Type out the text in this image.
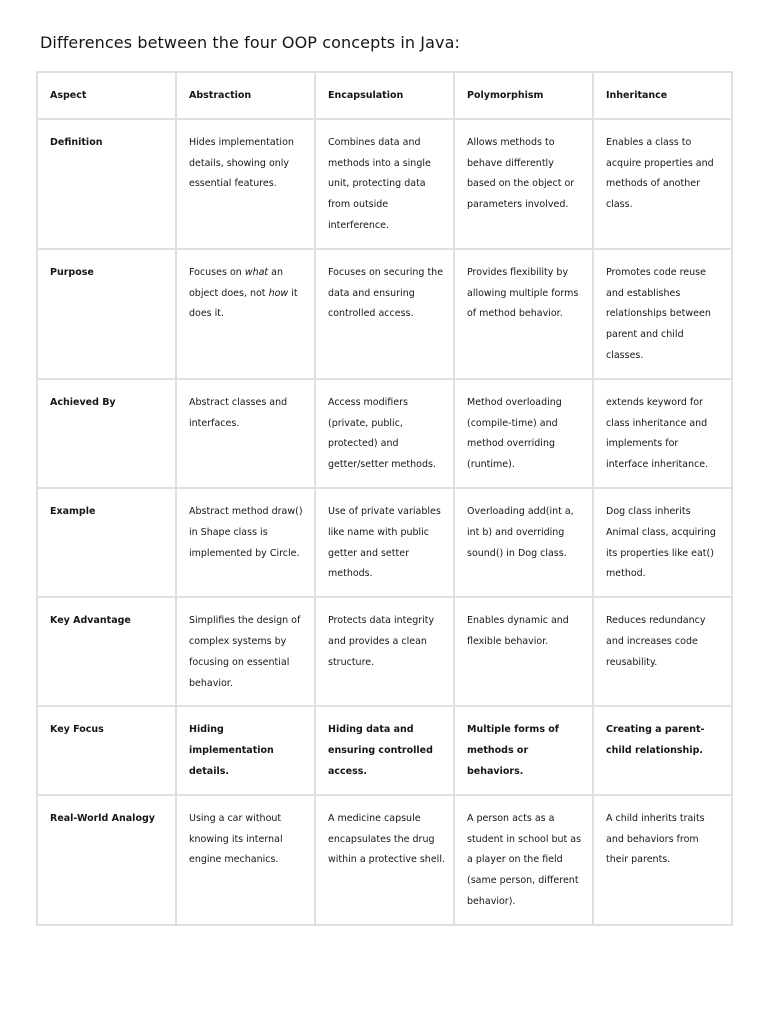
Differences between the four OOP concepts in Java:
Aspect	Abstraction	Encapsulation	Polymorphism	Inheritance
Definition	Hides implementation details, showing only essential features.	Combines data and methods into a single unit, protecting data from outside interference.	Allows methods to behave differently based on the object or parameters involved.	Enables a class to acquire properties and methods of another class.
Purpose	Focuses on what an object does, not how it does it.	Focuses on securing the data and ensuring controlled access.	Provides flexibility by allowing multiple forms of method behavior.	Promotes code reuse and establishes relationships between parent and child classes.
Achieved By	Abstract classes and interfaces.	Access modifiers (private, public, protected) and getter/setter methods.	Method overloading (compile-time) and method overriding (runtime).	extends keyword for class inheritance and implements for interface inheritance.
Example	Abstract method draw() in Shape class is implemented by Circle.	Use of private variables like name with public getter and setter methods.	Overloading add(int a, int b) and overriding sound() in Dog class.	Dog class inherits Animal class, acquiring its properties like eat() method.
Key Advantage	Simplifies the design of complex systems by focusing on essential behavior.	Protects data integrity and provides a clean structure.	Enables dynamic and flexible behavior.	Reduces redundancy and increases code reusability.
Key Focus	Hiding implementation details.	Hiding data and ensuring controlled access.	Multiple forms of methods or behaviors.	Creating a parent-child relationship.
Real-World Analogy	Using a car without knowing its internal engine mechanics.	A medicine capsule encapsulates the drug within a protective shell.	A person acts as a student in school but as a player on the field (same person, different behavior).	A child inherits traits and behaviors from their parents.
